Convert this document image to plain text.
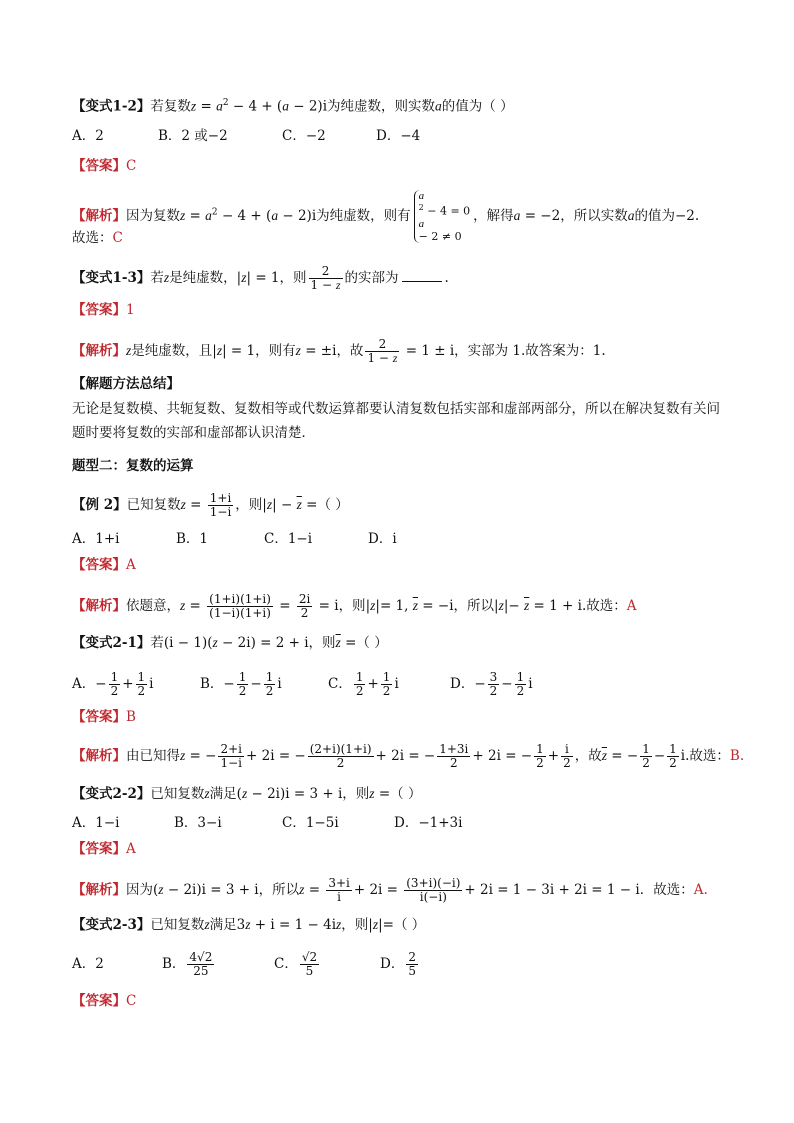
【变式1-2】若复数$z = a^2 - 4 + (a - 2)i$为纯虚数，则实数a的值为（ ）
A．2	B．2 或−2	C．−2	D．−4
【答案】C
【解析】因为复数$z = a^2 - 4 + (a - 2)i$为纯虚数，则有
a
$^2$ − 4 = 0
a
− 2 ≠ 0
，解得a = −2，所以实数a的值为−2.
故选：C
【变式1-3】若z是纯虚数，|z| = 1，则 $\frac{2}{1 - z}$ 的实部为	.
【答案】1
【解析】z是纯虚数，且|z| = 1，则有z = ±i，故 $\frac{2}{1 - z} = 1 \pm i$，实部为 1.故答案为：1.
【解题方法总结】
无论是复数模、共轭复数、复数相等或代数运算都要认清复数包括实部和虚部两部分，所以在解决复数有关问题时要将复数的实部和虚部都认识清楚．
题型二：复数的运算
【例 2】已知复数$z = \frac{1+i}{1-i}$ ，则$|z| - \overline{z}$ =（ ）
A．1+i	B．1	C．1−i	D．i
【答案】A
【解析】依题意，$z = \frac{(1+i)(1+i)}{(1-i)(1+i)} = \frac{2i}{2} = i$，则|z|= 1, $\overline{z} = -i$，所以$|z|- \overline{z} = 1 + i$.故选：A
【变式2-1】若(i − 1)(z − 2i) = 2 + i，则$\overline{z}$ =（ ）
A．− $\frac{1}{2} + \frac{1}{2}$ i	B．− $\frac{1}{2} - \frac{1}{2}$ i	C． $\frac{1}{2} + \frac{1}{2}$ i	D．− $\frac{3}{2} - \frac{1}{2}$ i
【答案】B
【解析】由已知得z = − $\frac{2+i}{1-i} + 2i$ = − $\frac{(2+i)(1+i)}{2} + 2i$ = − $\frac{1+3i}{2} + 2i$ = − $\frac{1}{2} + \frac{i}{2}$ ，故$\overline{z}$ = − $\frac{1}{2} - \frac{1}{2} i$.故选：B.
【变式2-2】已知复数z满足(z − 2i)i = 3 + i，则z =（ ）
A．1−i	B．3−i	C．1−5i	D．−1+3i
【答案】A
【解析】因为(z − 2i)i = 3 + i，所以$z = \frac{3+i}{i} + 2i = \frac{(3+i)(-i)}{i(-i)} + 2i = 1 - 3i + 2i = 1 - i$．故选：A.
【变式2-3】已知复数z满足3z + i = 1 − 4iz，则|z|=（ ）
A．2	B． $\frac{4√2}{25}$	C． $\frac{√2}{5}$	D． $\frac{2}{5}$
【答案】C
